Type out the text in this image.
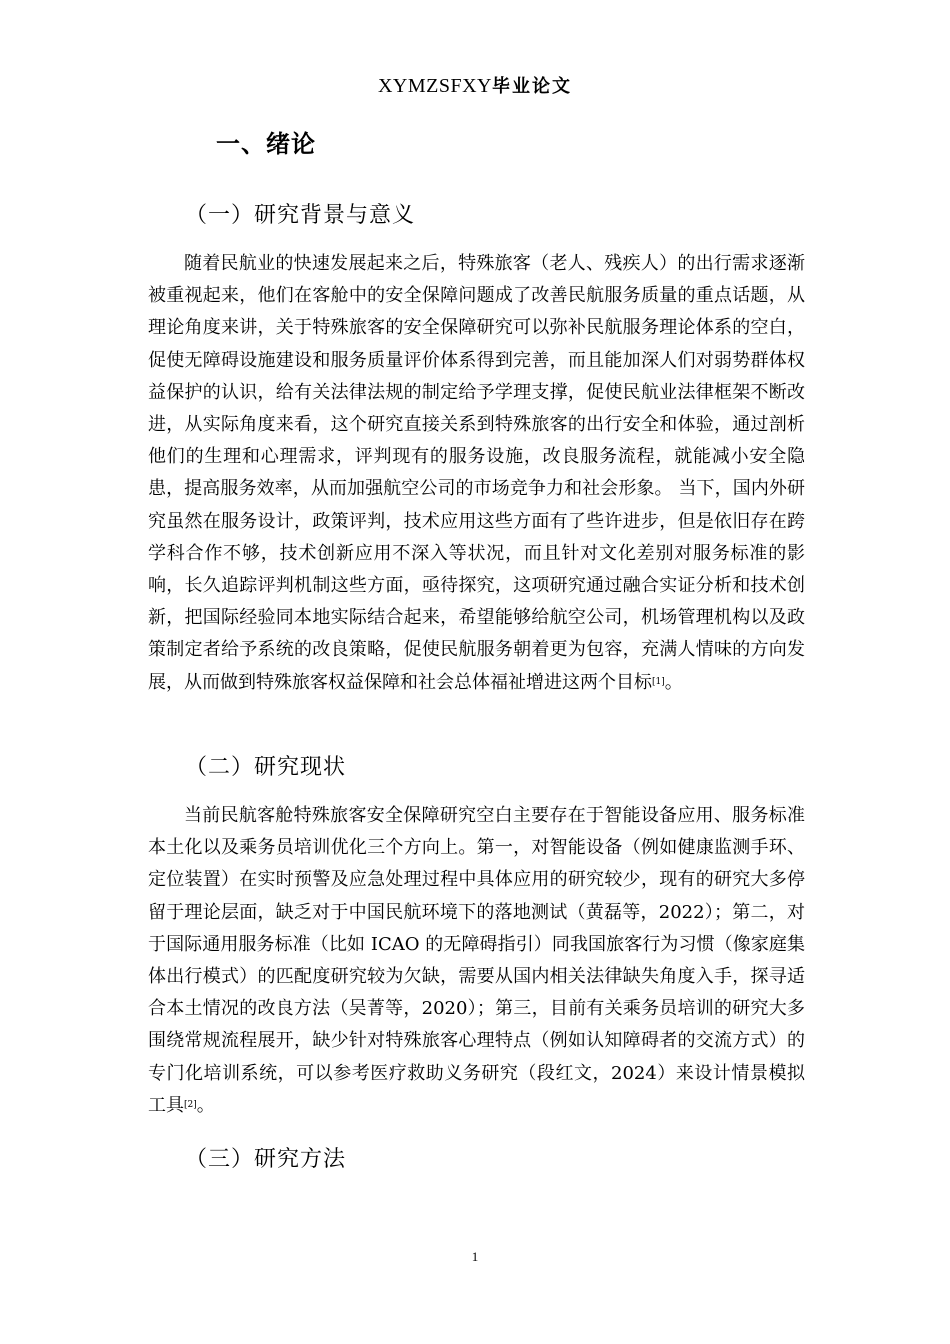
XYMZSFXY毕业论文
一、绪论
（一）研究背景与意义
随着民航业的快速发展起来之后，特殊旅客（老人、残疾人）的出行需求逐渐被重视起来，他们在客舱中的安全保障问题成了改善民航服务质量的重点话题，从理论角度来讲，关于特殊旅客的安全保障研究可以弥补民航服务理论体系的空白，促使无障碍设施建设和服务质量评价体系得到完善，而且能加深人们对弱势群体权益保护的认识，给有关法律法规的制定给予学理支撑，促使民航业法律框架不断改进，从实际角度来看，这个研究直接关系到特殊旅客的出行安全和体验，通过剖析他们的生理和心理需求，评判现有的服务设施，改良服务流程，就能减小安全隐患，提高服务效率，从而加强航空公司的市场竞争力和社会形象。 当下，国内外研究虽然在服务设计，政策评判，技术应用这些方面有了些许进步，但是依旧存在跨学科合作不够，技术创新应用不深入等状况，而且针对文化差别对服务标准的影响，长久追踪评判机制这些方面，亟待探究，这项研究通过融合实证分析和技术创新，把国际经验同本地实际结合起来，希望能够给航空公司，机场管理机构以及政策制定者给予系统的改良策略，促使民航服务朝着更为包容，充满人情味的方向发展，从而做到特殊旅客权益保障和社会总体福祉增进这两个目标[1]。
（二）研究现状
当前民航客舱特殊旅客安全保障研究空白主要存在于智能设备应用、服务标准本土化以及乘务员培训优化三个方向上。第一，对智能设备（例如健康监测手环、定位装置）在实时预警及应急处理过程中具体应用的研究较少，现有的研究大多停留于理论层面，缺乏对于中国民航环境下的落地测试（黄磊等，2022）；第二，对于国际通用服务标准（比如 ICAO 的无障碍指引）同我国旅客行为习惯（像家庭集体出行模式）的匹配度研究较为欠缺，需要从国内相关法律缺失角度入手，探寻适合本土情况的改良方法（吴菁等，2020）；第三，目前有关乘务员培训的研究大多围绕常规流程展开，缺少针对特殊旅客心理特点（例如认知障碍者的交流方式）的专门化培训系统，可以参考医疗救助义务研究（段红文，2024）来设计情景模拟工具[2]。
（三）研究方法
1
